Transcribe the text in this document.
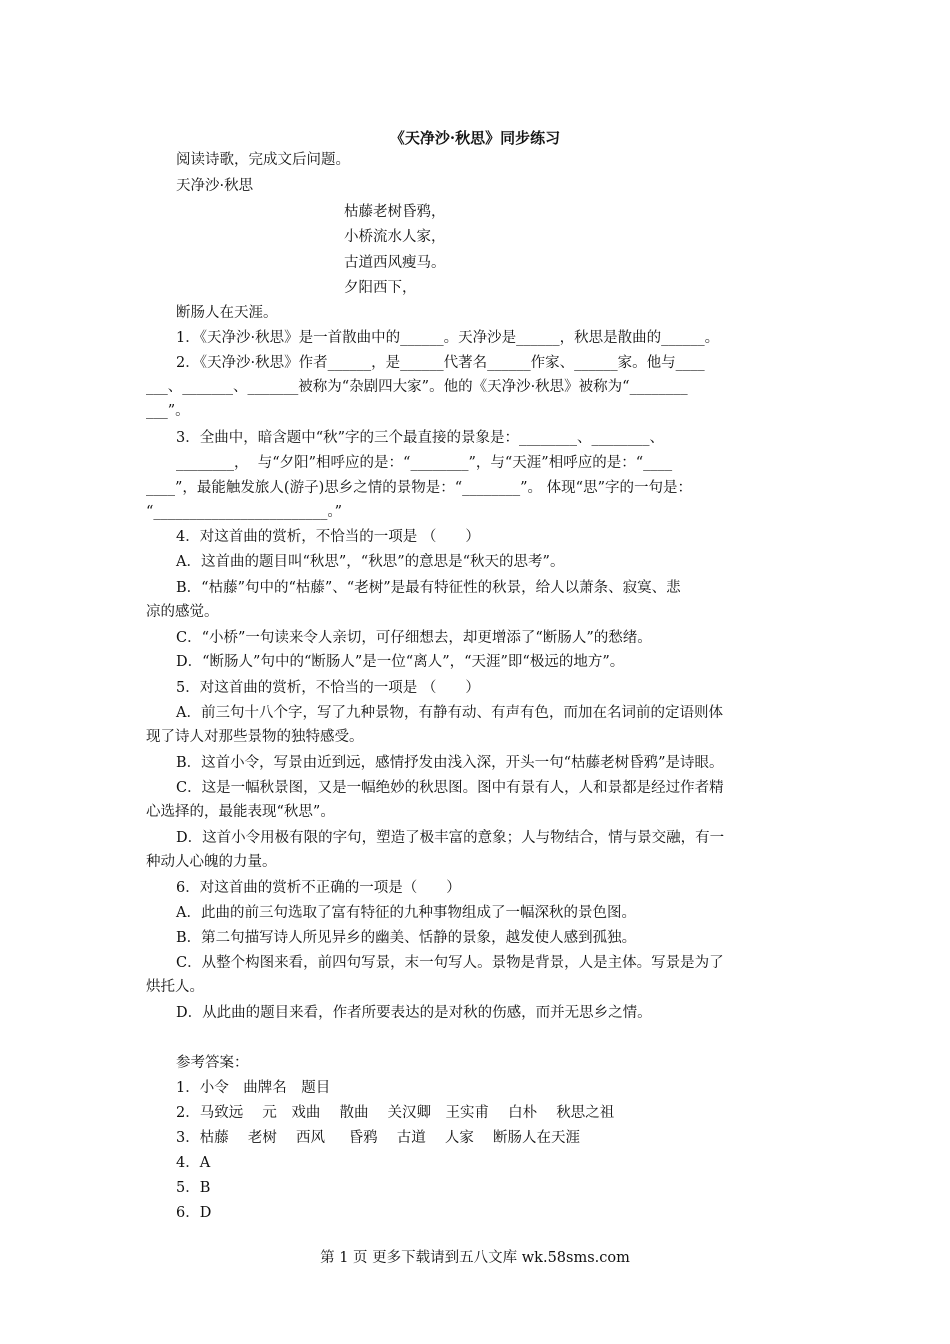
《天净沙·秋思》同步练习
阅读诗歌，完成文后问题。
天净沙·秋思
枯藤老树昏鸦，
小桥流水人家，
古道西风瘦马。
夕阳西下，
断肠人在天涯。
1．《天净沙·秋思》是一首散曲中的______。天净沙是______，秋思是散曲的______。
2．《天净沙·秋思》作者______，是______代著名______作家、______家。他与____
___、_______、_______被称为“杂剧四大家”。他的《天净沙·秋思》被称为“________
___”。
3．全曲中，暗含题中“秋”字的三个最直接的景象是：________、________、
________，  与“夕阳”相呼应的是：“________”，与“天涯”相呼应的是：“____
____”，最能触发旅人(游子)思乡之情的景物是：“________”。 体现“思”字的一句是：
“________________________。”
4．对这首曲的赏析，不恰当的一项是 （　　）
A．这首曲的题目叫“秋思”，“秋思”的意思是“秋天的思考”。
B．“枯藤”句中的“枯藤”、“老树”是最有特征性的秋景，给人以萧条、寂寞、悲
凉的感觉。
C．“小桥”一句读来令人亲切，可仔细想去，却更增添了“断肠人”的愁绪。
D．“断肠人”句中的“断肠人”是一位“离人”，“天涯”即“极远的地方”。
5．对这首曲的赏析，不恰当的一项是 （　　）
A．前三句十八个字，写了九种景物，有静有动、有声有色，而加在名词前的定语则体
现了诗人对那些景物的独特感受。
B．这首小令，写景由近到远，感情抒发由浅入深，开头一句“枯藤老树昏鸦”是诗眼。
C．这是一幅秋景图，又是一幅绝妙的秋思图。图中有景有人，人和景都是经过作者精
心选择的，最能表现“秋思”。
D．这首小令用极有限的字句，塑造了极丰富的意象；人与物结合，情与景交融，有一
种动人心魄的力量。
6．对这首曲的赏析不正确的一项是（　　）
A．此曲的前三句选取了富有特征的九种事物组成了一幅深秋的景色图。
B．第二句描写诗人所见异乡的幽美、恬静的景象，越发使人感到孤独。
C．从整个构图来看，前四句写景，末一句写人。景物是背景，人是主体。写景是为了
烘托人。
D．从此曲的题目来看，作者所要表达的是对秋的伤感，而并无思乡之情。
参考答案：
1．小令　曲牌名　题目
2．马致远　 元　戏曲　 散曲　 关汉卿　王实甫　 白朴　 秋思之祖
3．枯藤　 老树　 西风　  昏鸦　 古道　 人家　 断肠人在天涯
4．A
5．B
6．D
第 1 页 更多下载请到五八文库 wk.58sms.com
